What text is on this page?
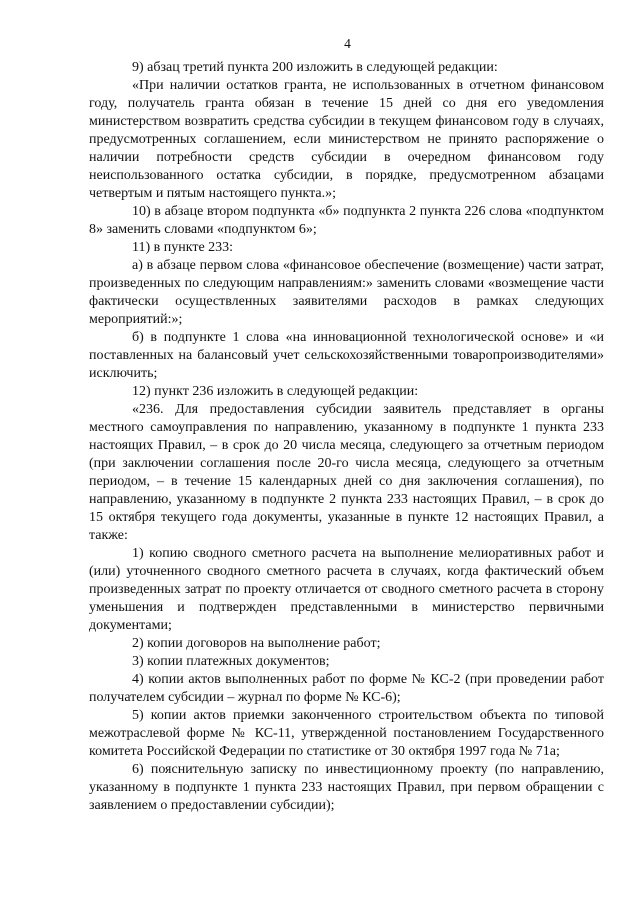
4

9) абзац третий пункта 200 изложить в следующей редакции:

«При наличии остатков гранта, не использованных в отчетном финансовом году, получатель гранта обязан в течение 15 дней со дня его уведомления министерством возвратить средства субсидии в текущем финансовом году в случаях, предусмотренных соглашением, если министерством не принято распоряжение о наличии потребности средств субсидии в очередном финансовом году неиспользованного остатка субсидии, в порядке, предусмотренном абзацами четвертым и пятым настоящего пункта.»;

10) в абзаце втором подпункта «б» подпункта 2 пункта 226 слова «подпунктом 8» заменить словами «подпунктом 6»;

11) в пункте 233:

а) в абзаце первом слова «финансовое обеспечение (возмещение) части затрат, произведенных по следующим направлениям:» заменить словами «возмещение части фактически осуществленных заявителями расходов в рамках следующих мероприятий:»;

б) в подпункте 1 слова «на инновационной технологической основе» и «и поставленных на балансовый учет сельскохозяйственными товаропроизводителями» исключить;

12) пункт 236 изложить в следующей редакции:

«236. Для предоставления субсидии заявитель представляет в органы местного самоуправления по направлению, указанному в подпункте 1 пункта 233 настоящих Правил, – в срок до 20 числа месяца, следующего за отчетным периодом (при заключении соглашения после 20-го числа месяца, следующего за отчетным периодом, – в течение 15 календарных дней со дня заключения соглашения), по направлению, указанному в подпункте 2 пункта 233 настоящих Правил, – в срок до 15 октября текущего года документы, указанные в пункте 12 настоящих Правил, а также:

1) копию сводного сметного расчета на выполнение мелиоративных работ и (или) уточненного сводного сметного расчета в случаях, когда фактический объем произведенных затрат по проекту отличается от сводного сметного расчета в сторону уменьшения и подтвержден представленными в министерство первичными документами;

2) копии договоров на выполнение работ;

3) копии платежных документов;

4) копии актов выполненных работ по форме № КС-2 (при проведении работ получателем субсидии – журнал по форме № КС-6);

5) копии актов приемки законченного строительством объекта по типовой межотраслевой форме № КС-11, утвержденной постановлением Государственного комитета Российской Федерации по статистике от 30 октября 1997 года № 71а;

6) пояснительную записку по инвестиционному проекту (по направлению, указанному в подпункте 1 пункта 233 настоящих Правил, при первом обращении с заявлением о предоставлении субсидии);
